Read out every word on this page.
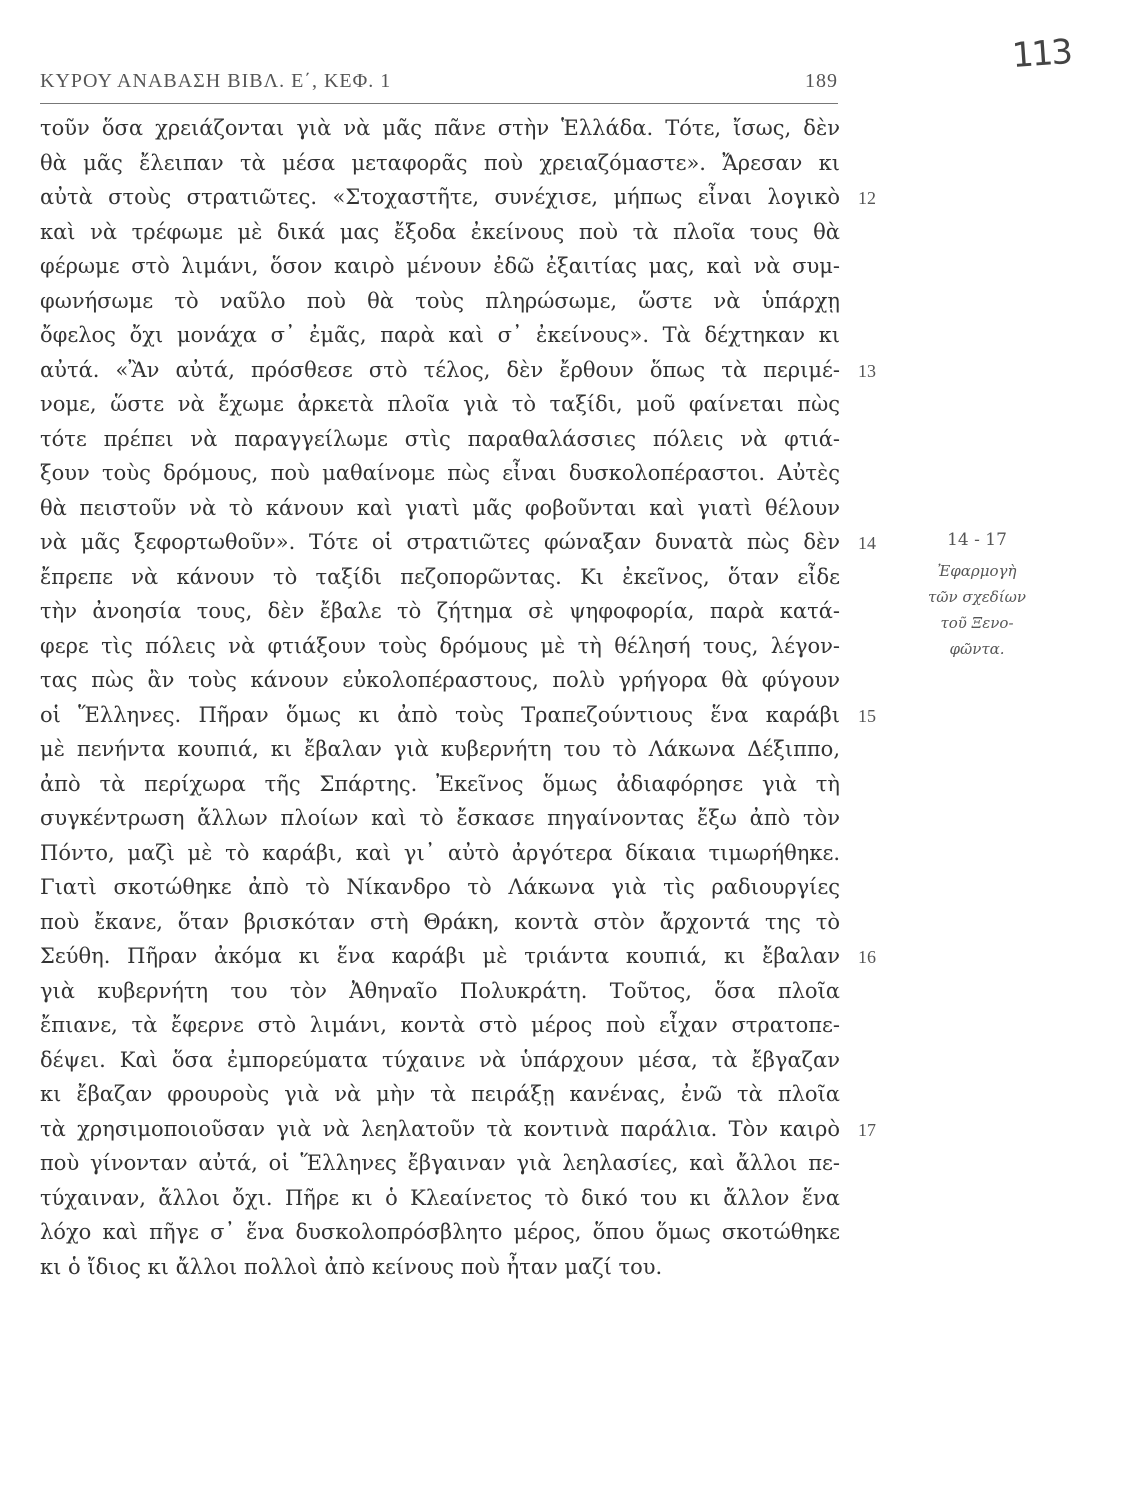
113
ΚΥΡΟΥ ΑΝΑΒΑΣΗ ΒΙΒΛ. Ε΄, ΚΕΦ. 1	189
τοῦν ὅσα χρειάζονται γιὰ νὰ μᾶς πᾶνε στὴν Ἑλλάδα. Τότε, ἴσως, δὲν
θὰ μᾶς ἔλειπαν τὰ μέσα μεταφορᾶς ποὺ χρειαζόμαστε». Ἄρεσαν κι
αὐτὰ στοὺς στρατιῶτες. «Στοχαστῆτε, συνέχισε, μήπως εἶναι λογικὸ
καὶ νὰ τρέφωμε μὲ δικά μας ἔξοδα ἐκείνους ποὺ τὰ πλοῖα τους θὰ
φέρωμε στὸ λιμάνι, ὅσον καιρὸ μένουν ἐδῶ ἐξαιτίας μας, καὶ νὰ συμ-
φωνήσωμε τὸ ναῦλο ποὺ θὰ τοὺς πληρώσωμε, ὥστε νὰ ὑπάρχῃ
ὄφελος ὄχι μονάχα σ᾿ ἐμᾶς, παρὰ καὶ σ᾿ ἐκείνους». Τὰ δέχτηκαν κι
αὐτά. «Ἂν αὐτά, πρόσθεσε στὸ τέλος, δὲν ἔρθουν ὅπως τὰ περιμέ-
νομε, ὥστε νὰ ἔχωμε ἀρκετὰ πλοῖα γιὰ τὸ ταξίδι, μοῦ φαίνεται πὼς
τότε πρέπει νὰ παραγγείλωμε στὶς παραθαλάσσιες πόλεις νὰ φτιά-
ξουν τοὺς δρόμους, ποὺ μαθαίνομε πὼς εἶναι δυσκολοπέραστοι. Αὐτὲς
θὰ πειστοῦν νὰ τὸ κάνουν καὶ γιατὶ μᾶς φοβοῦνται καὶ γιατὶ θέλουν
νὰ μᾶς ξεφορτωθοῦν». Τότε οἱ στρατιῶτες φώναξαν δυνατὰ πὼς δὲν
ἔπρεπε νὰ κάνουν τὸ ταξίδι πεζοπορῶντας. Κι ἐκεῖνος, ὅταν εἶδε
τὴν ἀνοησία τους, δὲν ἔβαλε τὸ ζήτημα σὲ ψηφοφορία, παρὰ κατά-
φερε τὶς πόλεις νὰ φτιάξουν τοὺς δρόμους μὲ τὴ θέλησή τους, λέγον-
τας πὼς ἂν τοὺς κάνουν εὐκολοπέραστους, πολὺ γρήγορα θὰ φύγουν
οἱ Ἕλληνες. Πῆραν ὅμως κι ἀπὸ τοὺς Τραπεζούντιους ἕνα καράβι
μὲ πενήντα κουπιά, κι ἔβαλαν γιὰ κυβερνήτη του τὸ Λάκωνα Δέξιππο,
ἀπὸ τὰ περίχωρα τῆς Σπάρτης. Ἐκεῖνος ὅμως ἀδιαφόρησε γιὰ τὴ
συγκέντρωση ἄλλων πλοίων καὶ τὸ ἔσκασε πηγαίνοντας ἔξω ἀπὸ τὸν
Πόντο, μαζὶ μὲ τὸ καράβι, καὶ γι᾿ αὐτὸ ἀργότερα δίκαια τιμωρήθηκε.
Γιατὶ σκοτώθηκε ἀπὸ τὸ Νίκανδρο τὸ Λάκωνα γιὰ τὶς ραδιουργίες
ποὺ ἔκανε, ὅταν βρισκόταν στὴ Θράκη, κοντὰ στὸν ἄρχοντά της τὸ
Σεύθη. Πῆραν ἀκόμα κι ἕνα καράβι μὲ τριάντα κουπιά, κι ἔβαλαν
γιὰ κυβερνήτη του τὸν Ἀθηναῖο Πολυκράτη. Τοῦτος, ὅσα πλοῖα
ἔπιανε, τὰ ἔφερνε στὸ λιμάνι, κοντὰ στὸ μέρος ποὺ εἶχαν στρατοπε-
δέψει. Καὶ ὅσα ἐμπορεύματα τύχαινε νὰ ὑπάρχουν μέσα, τὰ ἔβγαζαν
κι ἔβαζαν φρουροὺς γιὰ νὰ μὴν τὰ πειράξῃ κανένας, ἐνῶ τὰ πλοῖα
τὰ χρησιμοποιοῦσαν γιὰ νὰ λεηλατοῦν τὰ κοντινὰ παράλια. Τὸν καιρὸ
ποὺ γίνονταν αὐτά, οἱ Ἕλληνες ἔβγαιναν γιὰ λεηλασίες, καὶ ἄλλοι πε-
τύχαιναν, ἄλλοι ὄχι. Πῆρε κι ὁ Κλεαίνετος τὸ δικό του κι ἄλλον ἕνα
λόχο καὶ πῆγε σ᾿ ἕνα δυσκολοπρόσβλητο μέρος, ὅπου ὅμως σκοτώθηκε
κι ὁ ἴδιος κι ἄλλοι πολλοὶ ἀπὸ κείνους ποὺ ἦταν μαζί του.
12
13
14
15
16
17
14 - 17
Ἐφαρμογὴ
τῶν σχεδίων
τοῦ Ξενο-
φῶντα.
